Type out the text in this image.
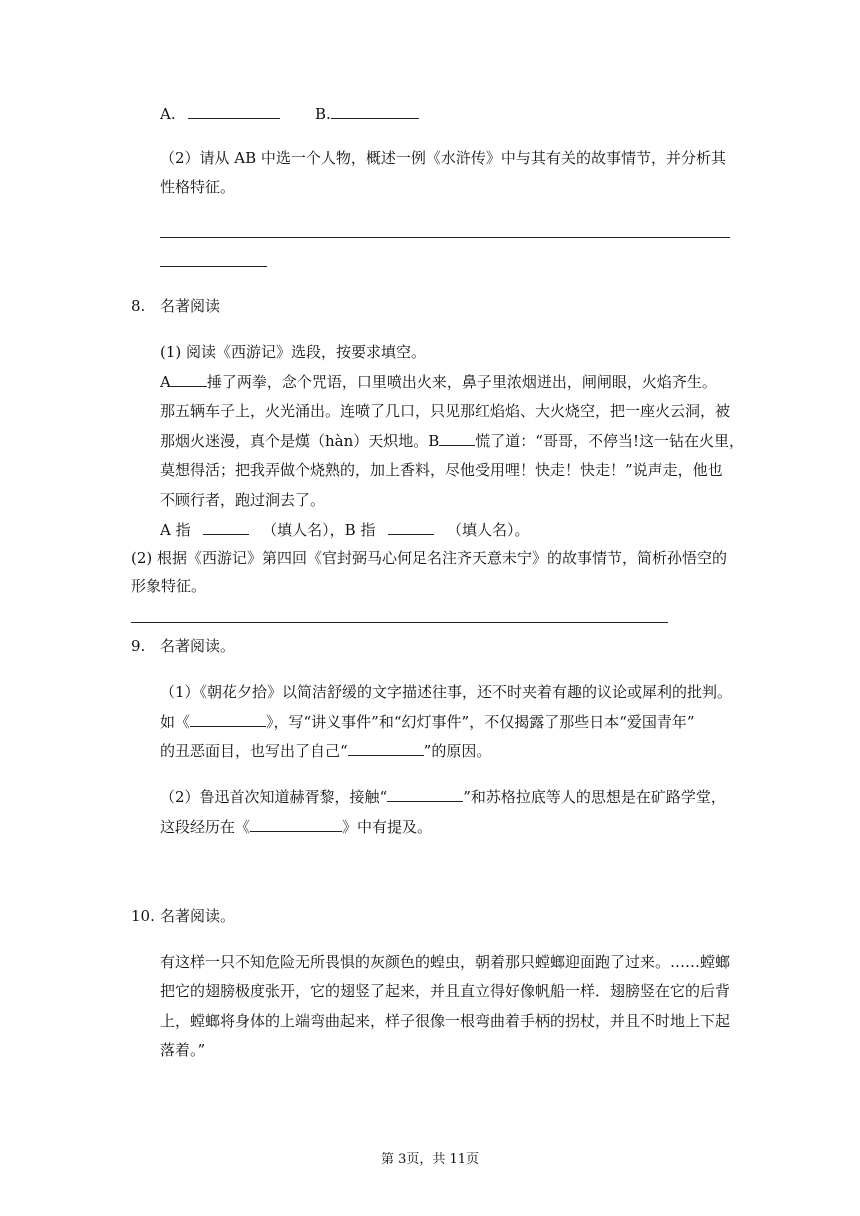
A.	B.
（2）请从 AB 中选一个人物，概述一例《水浒传》中与其有关的故事情节，并分析其
性格特征。
8. 名著阅读
(1) 阅读《西游记》选段，按要求填空。
A 捶了两拳，念个咒语，口里喷出火来，鼻子里浓烟迸出，闸闸眼，火焰齐生。
那五辆车子上，火光涌出。连喷了几口，只见那红焰焰、大火烧空，把一座火云洞，被
那烟火迷漫，真个是熯（hàn）天炽地。B 慌了道：“哥哥，不停当!这一钻在火里，
莫想得活；把我弄做个烧熟的，加上香料，尽他受用哩！快走！快走！”说声走，他也
不顾行者，跑过涧去了。
A 指	（填人名），B 指	（填人名）。
(2) 根据《西游记》第四回《官封弼马心何足名注齐天意未宁》的故事情节，简析孙悟空的
形象特征。
9. 名著阅读。
（1）《朝花夕拾》以简洁舒缓的文字描述往事，还不时夹着有趣的议论或犀利的批判。
如《	》，写“讲义事件”和“幻灯事件”，不仅揭露了那些日本“爱国青年”
的丑恶面目，也写出了自己“	”的原因。
（2）鲁迅首次知道赫胥黎，接触“	”和苏格拉底等人的思想是在矿路学堂，
这段经历在《	》中有提及。
10. 名著阅读。
有这样一只不知危险无所畏惧的灰颜色的蝗虫，朝着那只螳螂迎面跑了过来。……螳螂
把它的翅膀极度张开，它的翅竖了起来，并且直立得好像帆船一样．翅膀竖在它的后背
上，螳螂将身体的上端弯曲起来，样子很像一根弯曲着手柄的拐杖，并且不时地上下起
落着。”
第 3页，共 11页
